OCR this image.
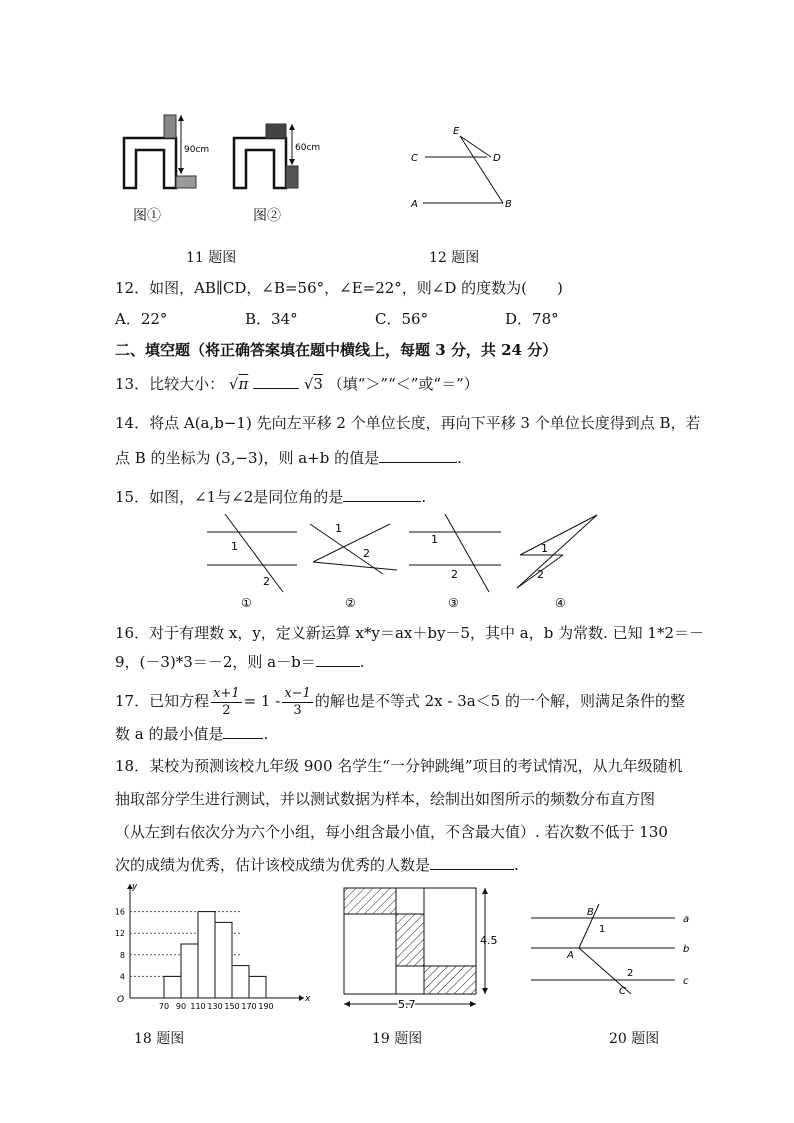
90cm	60cm
图①	图②
11 题图
E
C	D
A	B
12 题图
12．如图，AB∥CD，∠B=56°，∠E=22°，则∠D 的度数为(　　)
A．22°	B．34°	C．56°	D．78°
二、填空题（将正确答案填在题中横线上，每题 3 分，共 24 分）
13．比较大小： √π	√3 （填“＞”“＜”或“＝”）
14．将点 A(a,b−1) 先向左平移 2 个单位长度，再向下平移 3 个单位长度得到点 B，若
点 B 的坐标为 (3,−3)，则 a+b 的值是	.
15．如图，∠1与∠2是同位角的是	.
1
2
①
1
2
②
1
2
③
1
2
④
16．对于有理数 x，y，定义新运算 x*y＝ax＋by－5，其中 a，b 为常数. 已知 1*2＝－
9，(－3)*3＝－2，则 a－b＝	.
17．已知方程 $\frac{x+1}{2} = 1 - \frac{x-1}{3}$ 的解也是不等式 2x - 3a＜5 的一个解，则满足条件的整
数 a 的最小值是	.
18．某校为预测该校九年级 900 名学生“一分钟跳绳”项目的考试情况，从九年级随机
抽取部分学生进行测试，并以测试数据为样本，绘制出如图所示的频数分布直方图
（从左到右依次分为六个小组，每小组含最小值，不含最大值）. 若次数不低于 130
次的成绩为优秀，估计该校成绩为优秀的人数是	.
O	x
y
4
8
12
16
70 90 110 130 150 170 190
18 题图
4.5
5.7
19 题图
B
1
A
2
C
a
b
c
20 题图
